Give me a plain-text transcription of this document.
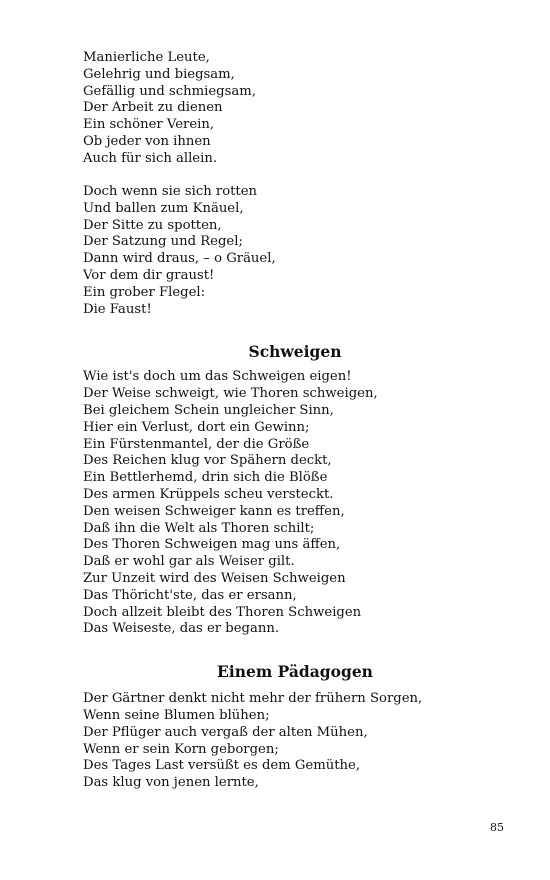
Manierliche Leute,
Gelehrig und biegsam,
Gefällig und schmiegsam,
Der Arbeit zu dienen
Ein schöner Verein,
Ob jeder von ihnen
Auch für sich allein.
Doch wenn sie sich rotten
Und ballen zum Knäuel,
Der Sitte zu spotten,
Der Satzung und Regel;
Dann wird draus, – o Gräuel,
Vor dem dir graust!
Ein grober Flegel:
Die Faust!
Schweigen
Wie ist's doch um das Schweigen eigen!
Der Weise schweigt, wie Thoren schweigen,
Bei gleichem Schein ungleicher Sinn,
Hier ein Verlust, dort ein Gewinn;
Ein Fürstenmantel, der die Größe
Des Reichen klug vor Spähern deckt,
Ein Bettlerhemd, drin sich die Blöße
Des armen Krüppels scheu versteckt.
Den weisen Schweiger kann es treffen,
Daß ihn die Welt als Thoren schilt;
Des Thoren Schweigen mag uns äffen,
Daß er wohl gar als Weiser gilt.
Zur Unzeit wird des Weisen Schweigen
Das Thöricht'ste, das er ersann,
Doch allzeit bleibt des Thoren Schweigen
Das Weiseste, das er begann.
Einem Pädagogen
Der Gärtner denkt nicht mehr der frühern Sorgen,
Wenn seine Blumen blühen;
Der Pflüger auch vergaß der alten Mühen,
Wenn er sein Korn geborgen;
Des Tages Last versüßt es dem Gemüthe,
Das klug von jenen lernte,
85
